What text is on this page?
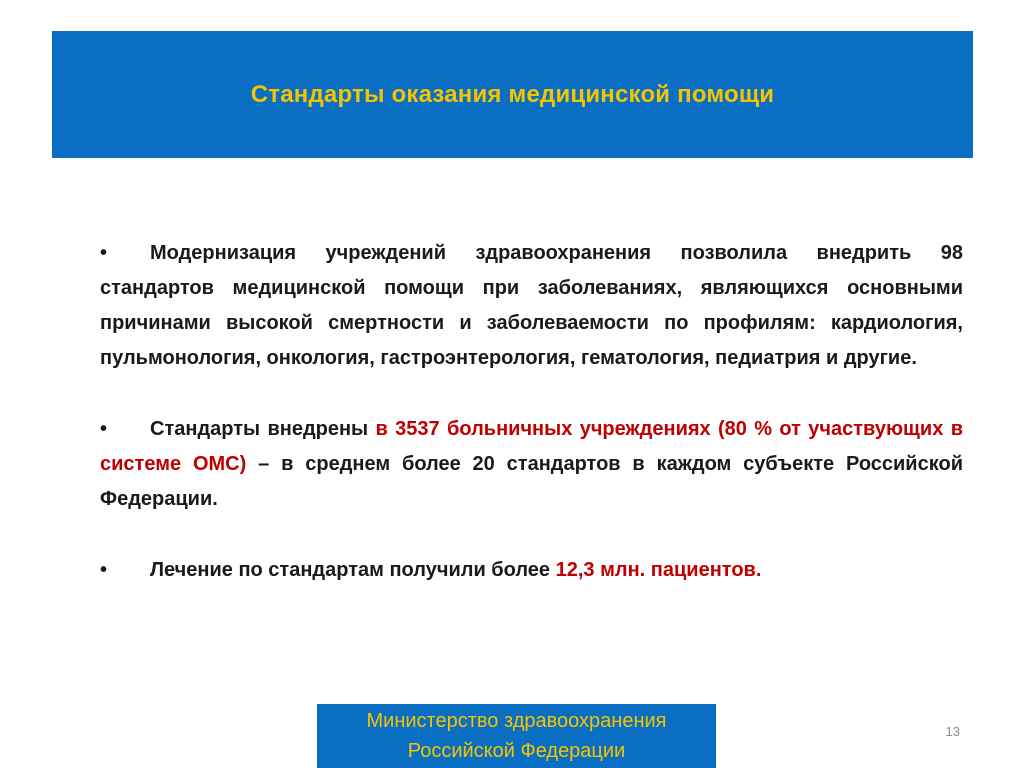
Стандарты оказания медицинской помощи

• Модернизация учреждений здравоохранения позволила внедрить 98 стандартов медицинской помощи при заболеваниях, являющихся основными причинами высокой смертности и заболеваемости по профилям: кардиология, пульмонология, онкология, гастроэнтерология, гематология, педиатрия и другие.

• Стандарты внедрены в 3537 больничных учреждениях (80 % от участвующих в системе ОМС) – в среднем более 20 стандартов в каждом субъекте Российской Федерации.

• Лечение по стандартам получили более 12,3 млн. пациентов.

Министерство здравоохранения
Российской Федерации
13
